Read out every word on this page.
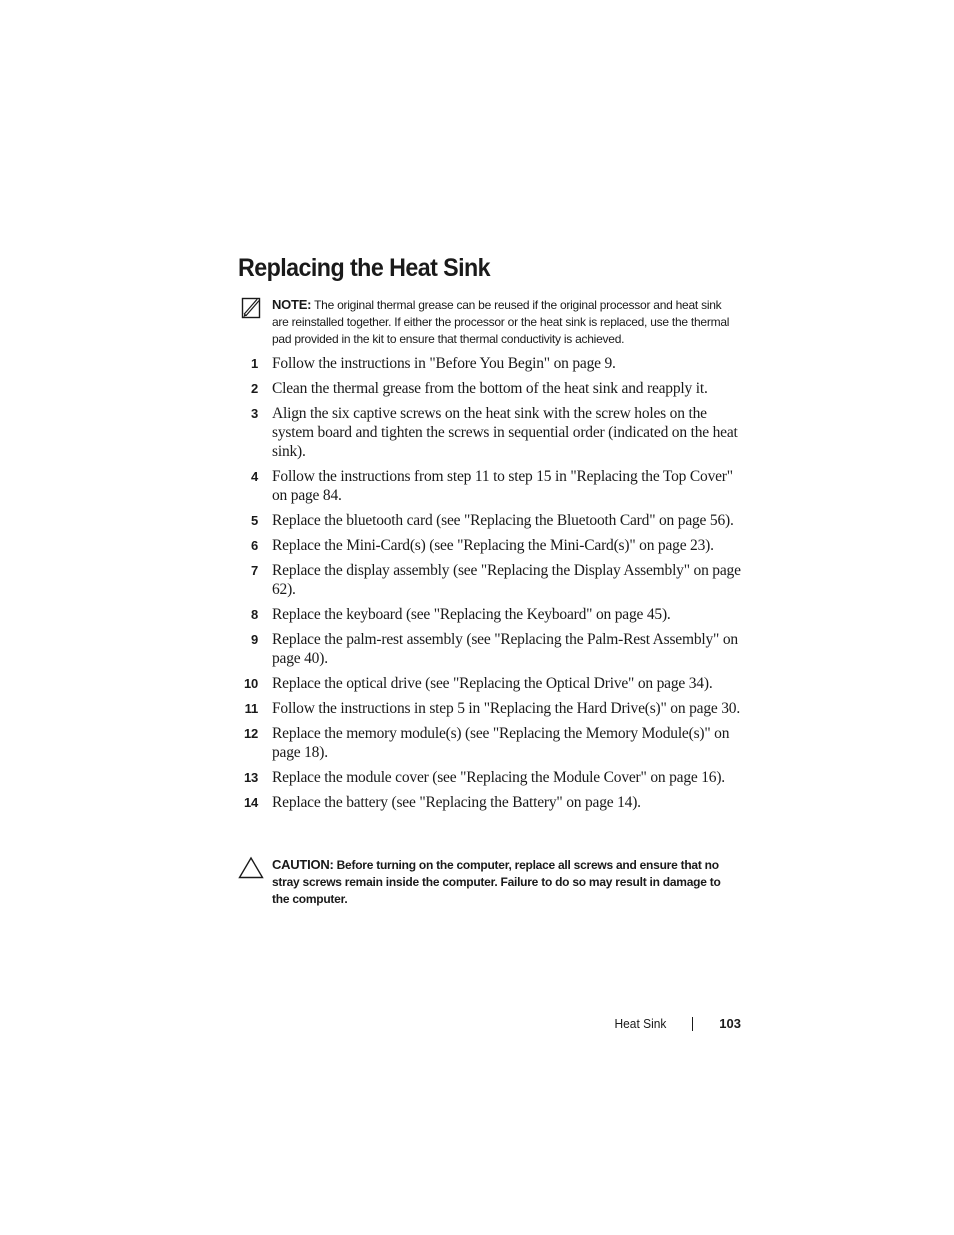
Replacing the Heat Sink
NOTE: The original thermal grease can be reused if the original processor and heat sink are reinstalled together. If either the processor or the heat sink is replaced, use the thermal pad provided in the kit to ensure that thermal conductivity is achieved.
1 Follow the instructions in "Before You Begin" on page 9.
2 Clean the thermal grease from the bottom of the heat sink and reapply it.
3 Align the six captive screws on the heat sink with the screw holes on the system board and tighten the screws in sequential order (indicated on the heat sink).
4 Follow the instructions from step 11 to step 15 in "Replacing the Top Cover" on page 84.
5 Replace the bluetooth card (see "Replacing the Bluetooth Card" on page 56).
6 Replace the Mini-Card(s) (see "Replacing the Mini-Card(s)" on page 23).
7 Replace the display assembly (see "Replacing the Display Assembly" on page 62).
8 Replace the keyboard (see "Replacing the Keyboard" on page 45).
9 Replace the palm-rest assembly (see "Replacing the Palm-Rest Assembly" on page 40).
10 Replace the optical drive (see "Replacing the Optical Drive" on page 34).
11 Follow the instructions in step 5 in "Replacing the Hard Drive(s)" on page 30.
12 Replace the memory module(s) (see "Replacing the Memory Module(s)" on page 18).
13 Replace the module cover (see "Replacing the Module Cover" on page 16).
14 Replace the battery (see "Replacing the Battery" on page 14).
CAUTION: Before turning on the computer, replace all screws and ensure that no stray screws remain inside the computer. Failure to do so may result in damage to the computer.
Heat Sink	103
